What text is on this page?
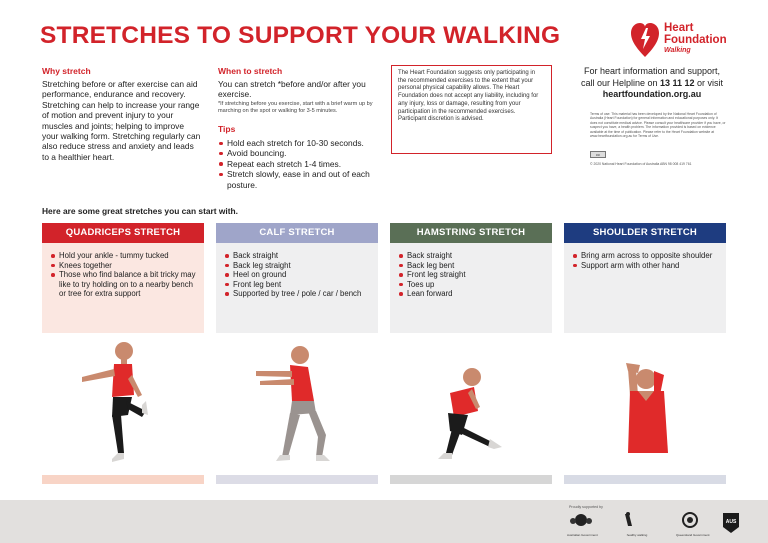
STRETCHES TO SUPPORT YOUR WALKING	Heart
Foundation
Walking
Why stretch
Stretching before or after exercise can aid performance, endurance and recovery. Stretching can help to increase your range of motion and prevent injury to your muscles and joints; helping to improve your walking form. Stretching regularly can also reduce stress and anxiety and leads to a healthier heart.
When to stretch
You can stretch *before and/or after you exercise.
*If stretching before you exercise, start with a brief warm up by marching on the spot or walking for 3-5 minutes.
Tips
Hold each stretch for 10-30 seconds.
Avoid bouncing.
Repeat each stretch 1-4 times.
Stretch slowly, ease in and out of each posture.
The Heart Foundation suggests only participating in the recommended exercises to the extent that your personal physical capability allows. The Heart Foundation does not accept any liability, including for any injury, loss or damage, resulting from your participation in the recommended exercises. Participant discretion is advised.
For heart information and support,
call our Helpline on 13 11 12 or visit
heartfoundation.org.au
Terms of use: This material has been developed by the National Heart Foundation of Australia (Heart Foundation) for general information and educational purposes only. It does not constitute medical advice. Please consult your healthcare provider if you have, or suspect you have, a health problem. The information provided is based on evidence available at the time of publication. Please refer to the Heart Foundation website at www.heartfoundation.org.au for Terms of Use.
cc
© 2020 National Heart Foundation of Australia ABN 98 008 419 761
Here are some great stretches you can start with.
QUADRICEPS STRETCH
Hold your ankle - tummy tucked
Knees together
Those who find balance a bit tricky may like to try holding on to a nearby bench or tree for extra support
CALF STRETCH
Back straight
Back leg straight
Heel on ground
Front leg bent
Supported by tree / pole / car / bench
HAMSTRING STRETCH
Back straight
Back leg bent
Front leg straight
Toes up
Lean forward
SHOULDER STRETCH
Bring arm across to opposite shoulder
Support arm with other hand
Proudly supported by
Australian Government	healthy walking	Queensland Government
AUS
